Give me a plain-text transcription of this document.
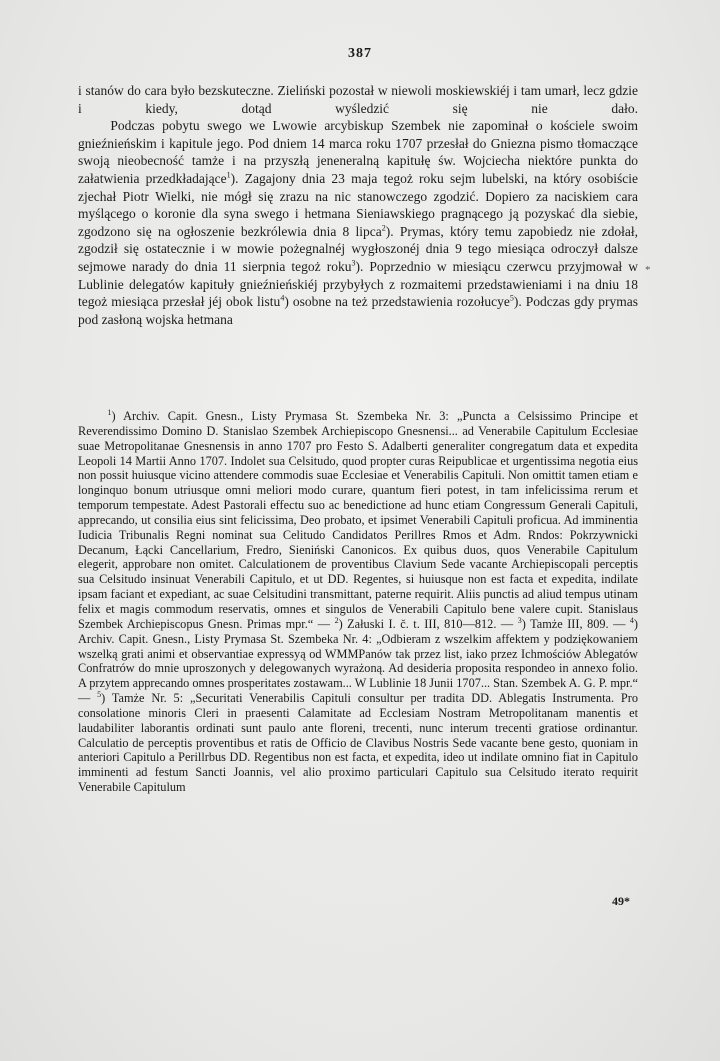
387

i stanów do cara było bezskuteczne. Zieliński pozostał w niewoli moskiewskiéj i tam umarł, lecz gdzie i kiedy, dotąd wyśledzić się nie dało.

Podczas pobytu swego we Lwowie arcybiskup Szembek nie zapominał o kościele swoim gnieźnieńskim i kapitule jego. Pod dniem 14 marca roku 1707 przesłał do Gniezna pismo tłomaczące swoją nieobecność tamże i na przyszłą jeneneralną kapitułę św. Wojciecha niektóre punkta do załatwienia przedkładające$^1$). Zagajony dnia 23 maja tegoż roku sejm lubelski, na który osobiście zjechał Piotr Wielki, nie mógł się zrazu na nic stanowczego zgodzić. Dopiero za naciskiem cara myślącego o koronie dla syna swego i hetmana Sieniawskiego pragnącego ją pozyskać dla siebie, zgodzono się na ogłoszenie bezkrólewia dnia 8 lipca$^2$). Prymas, który temu zapobiedz nie zdołał, zgodził się ostatecznie i w mowie pożegnalnéj wygłoszonéj dnia 9 tego miesiąca odroczył dalsze sejmowe narady do dnia 11 sierpnia tegoż roku$^3$). Poprzednio w miesiącu czerwcu przyjmował w Lublinie delegatów kapituły gnieźnieńskiéj przybyłych z rozmaitemi przedstawieniami i na dniu 18 tegoż miesiąca przesłał jéj obok listu$^4$) osobne na też przedstawienia rozołucye$^5$). Podczas gdy prymas pod zasłoną wojska hetmana

*

$^1$) Archiv. Capit. Gnesn., Listy Prymasa St. Szembeka Nr. 3: „Puncta a Celsissimo Principe et Reverendissimo Domino D. Stanislao Szembek Archiepiscopo Gnesnensi... ad Venerabile Capitulum Ecclesiae suae Metropolitanae Gnesnensis in anno 1707 pro Festo S. Adalberti generaliter congregatum data et expedita Leopoli 14 Martii Anno 1707. Indolet sua Celsitudo, quod propter curas Reipublicae et urgentissima negotia eius non possit huiusque vicino attendere commodis suae Ecclesiae et Venerabilis Capituli. Non omittit tamen etiam e longinquo bonum utriusque omni meliori modo curare, quantum fieri potest, in tam infelicissima rerum et temporum tempestate. Adest Pastorali effectu suo ac benedictione ad hunc etiam Congressum Generali Capituli, apprecando, ut consilia eius sint felicissima, Deo probato, et ipsimet Venerabili Capituli proficua. Ad imminentia Iudicia Tribunalis Regni nominat sua Celitudo Candidatos Perillres Rmos et Adm. Rndos: Pokrzywnicki Decanum, Łącki Cancellarium, Fredro, Sieniński Canonicos. Ex quibus duos, quos Venerabile Capitulum elegerit, approbare non omitet. Calculationem de proventibus Clavium Sede vacante Archiepiscopali perceptis sua Celsitudo insinuat Venerabili Capitulo, et ut DD. Regentes, si huiusque non est facta et expedita, indilate ipsam faciant et expediant, ac suae Celsitudini transmittant, paterne requirit. Aliis punctis ad aliud tempus utinam felix et magis commodum reservatis, omnes et singulos de Venerabili Capitulo bene valere cupit. Stanislaus Szembek Archiepiscopus Gnesn. Primas mpr.“ — $^2$) Załuski I. č. t. III, 810—812. — $^3$) Tamże III, 809. — $^4$) Archiv. Capit. Gnesn., Listy Prymasa St. Szembeka Nr. 4: „Odbieram z wszelkim affektem y podziękowaniem wszelką grati animi et observantiae expressyą od WMMPanów tak przez list, iako przez Ichmościów Ablegatów Confratrów do mnie uproszonych y delegowanych wyrażoną. Ad desideria proposita respondeo in annexo folio. A przytem apprecando omnes prosperitates zostawam... W Lublinie 18 Junii 1707... Stan. Szembek A. G. P. mpr.“ — $^5$) Tamże Nr. 5: „Securitati Venerabilis Capituli consultur per tradita DD. Ablegatis Instrumenta. Pro consolatione minoris Cleri in praesenti Calamitate ad Ecclesiam Nostram Metropolitanam manentis et laudabiliter laborantis ordinati sunt paulo ante floreni, trecenti, nunc interum trecenti gratiose ordinantur. Calculatio de perceptis proventibus et ratis de Officio de Clavibus Nostris Sede vacante bene gesto, quoniam in anteriori Capitulo a Perillrbus DD. Regentibus non est facta, et expedita, ideo ut indilate omnino fiat in Capitulo imminenti ad festum Sancti Joannis, vel alio proximo particulari Capitulo sua Celsitudo iterato requirit Venerabile Capitulum

49*
